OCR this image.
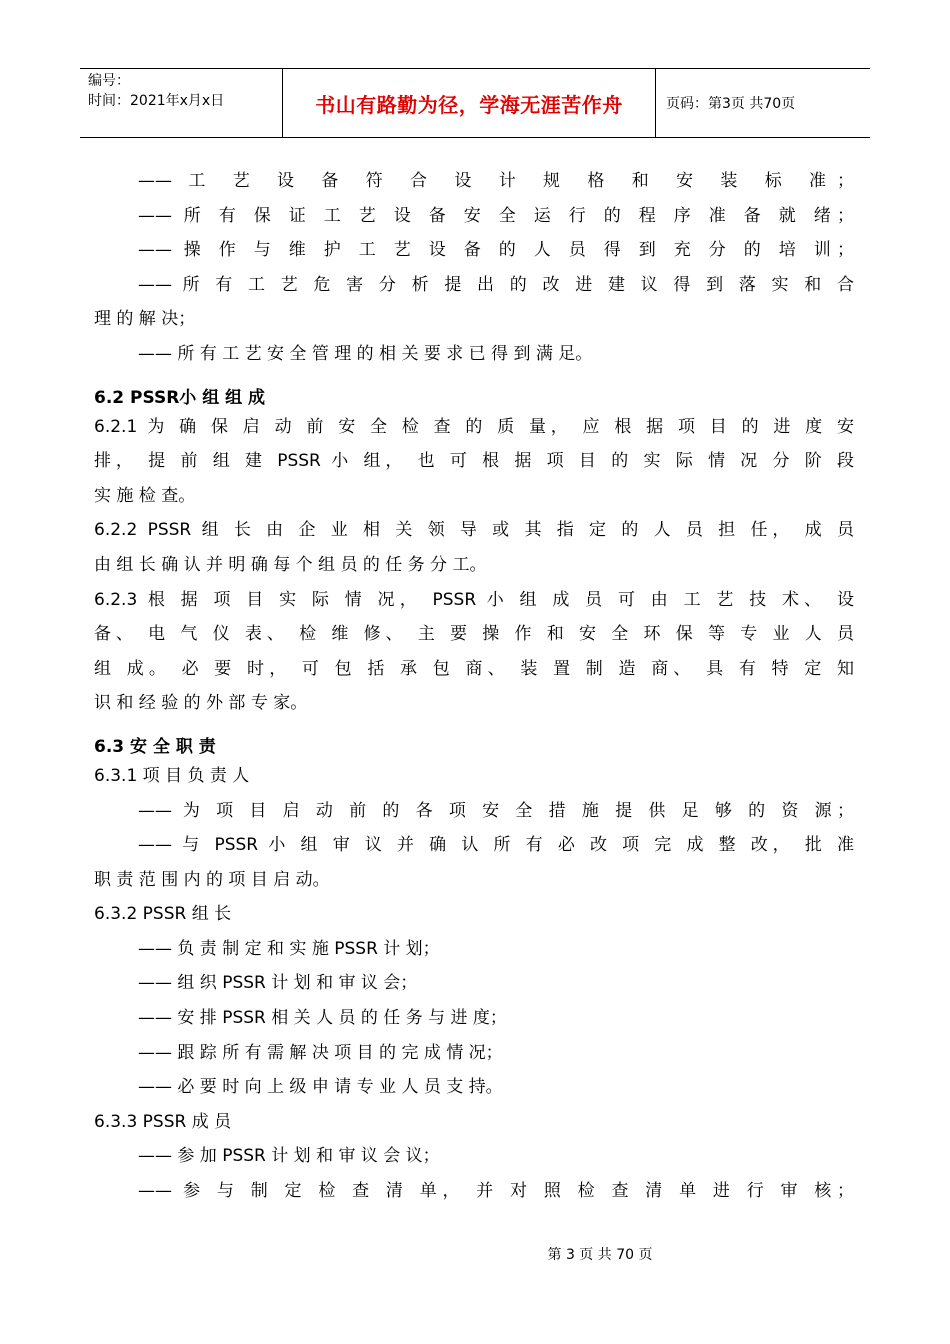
编号：
时间：2021年x月x日	书山有路勤为径，学海无涯苦作舟	页码：第3页 共70页
—— 工 艺 设 备 符 合 设 计 规 格 和 安 装 标 准；
—— 所 有 保 证 工 艺 设 备 安 全 运 行 的 程 序 准 备 就 绪；
—— 操 作 与 维 护 工 艺 设 备 的 人 员 得 到 充 分 的 培 训；
—— 所 有 工 艺 危 害 分 析 提 出 的 改 进 建 议 得 到 落 实 和 合
理 的 解 决；
—— 所 有 工 艺 安 全 管 理 的 相 关 要 求 已 得 到 满 足。
6.2 PSSR小 组 组 成
6.2.1 为 确 保 启 动 前 安 全 检 查 的 质 量， 应 根 据 项 目 的 进 度 安
排， 提 前 组 建 PSSR 小 组， 也 可 根 据 项 目 的 实 际 情 况 分 阶 段
实 施 检 查。
6.2.2 PSSR 组 长 由 企 业 相 关 领 导 或 其 指 定 的 人 员 担 任， 成 员
由 组 长 确 认 并 明 确 每 个 组 员 的 任 务 分 工。
6.2.3 根 据 项 目 实 际 情 况， PSSR 小 组 成 员 可 由 工 艺 技 术、 设
备、 电 气 仪 表、 检 维 修、 主 要 操 作 和 安 全 环 保 等 专 业 人 员
组 成。 必 要 时， 可 包 括 承 包 商、 装 置 制 造 商、 具 有 特 定 知
识 和 经 验 的 外 部 专 家。
6.3 安 全 职 责
6.3.1 项 目 负 责 人
—— 为 项 目 启 动 前 的 各 项 安 全 措 施 提 供 足 够 的 资 源；
—— 与 PSSR 小 组 审 议 并 确 认 所 有 必 改 项 完 成 整 改， 批 准
职 责 范 围 内 的 项 目 启 动。
6.3.2 PSSR 组 长
—— 负 责 制 定 和 实 施 PSSR 计 划；
—— 组 织 PSSR 计 划 和 审 议 会；
—— 安 排 PSSR 相 关 人 员 的 任 务 与 进 度；
—— 跟 踪 所 有 需 解 决 项 目 的 完 成 情 况；
—— 必 要 时 向 上 级 申 请 专 业 人 员 支 持。
6.3.3 PSSR 成 员
—— 参 加 PSSR 计 划 和 审 议 会 议；
—— 参 与 制 定 检 查 清 单， 并 对 照 检 查 清 单 进 行 审 核；
第 3 页 共 70 页
